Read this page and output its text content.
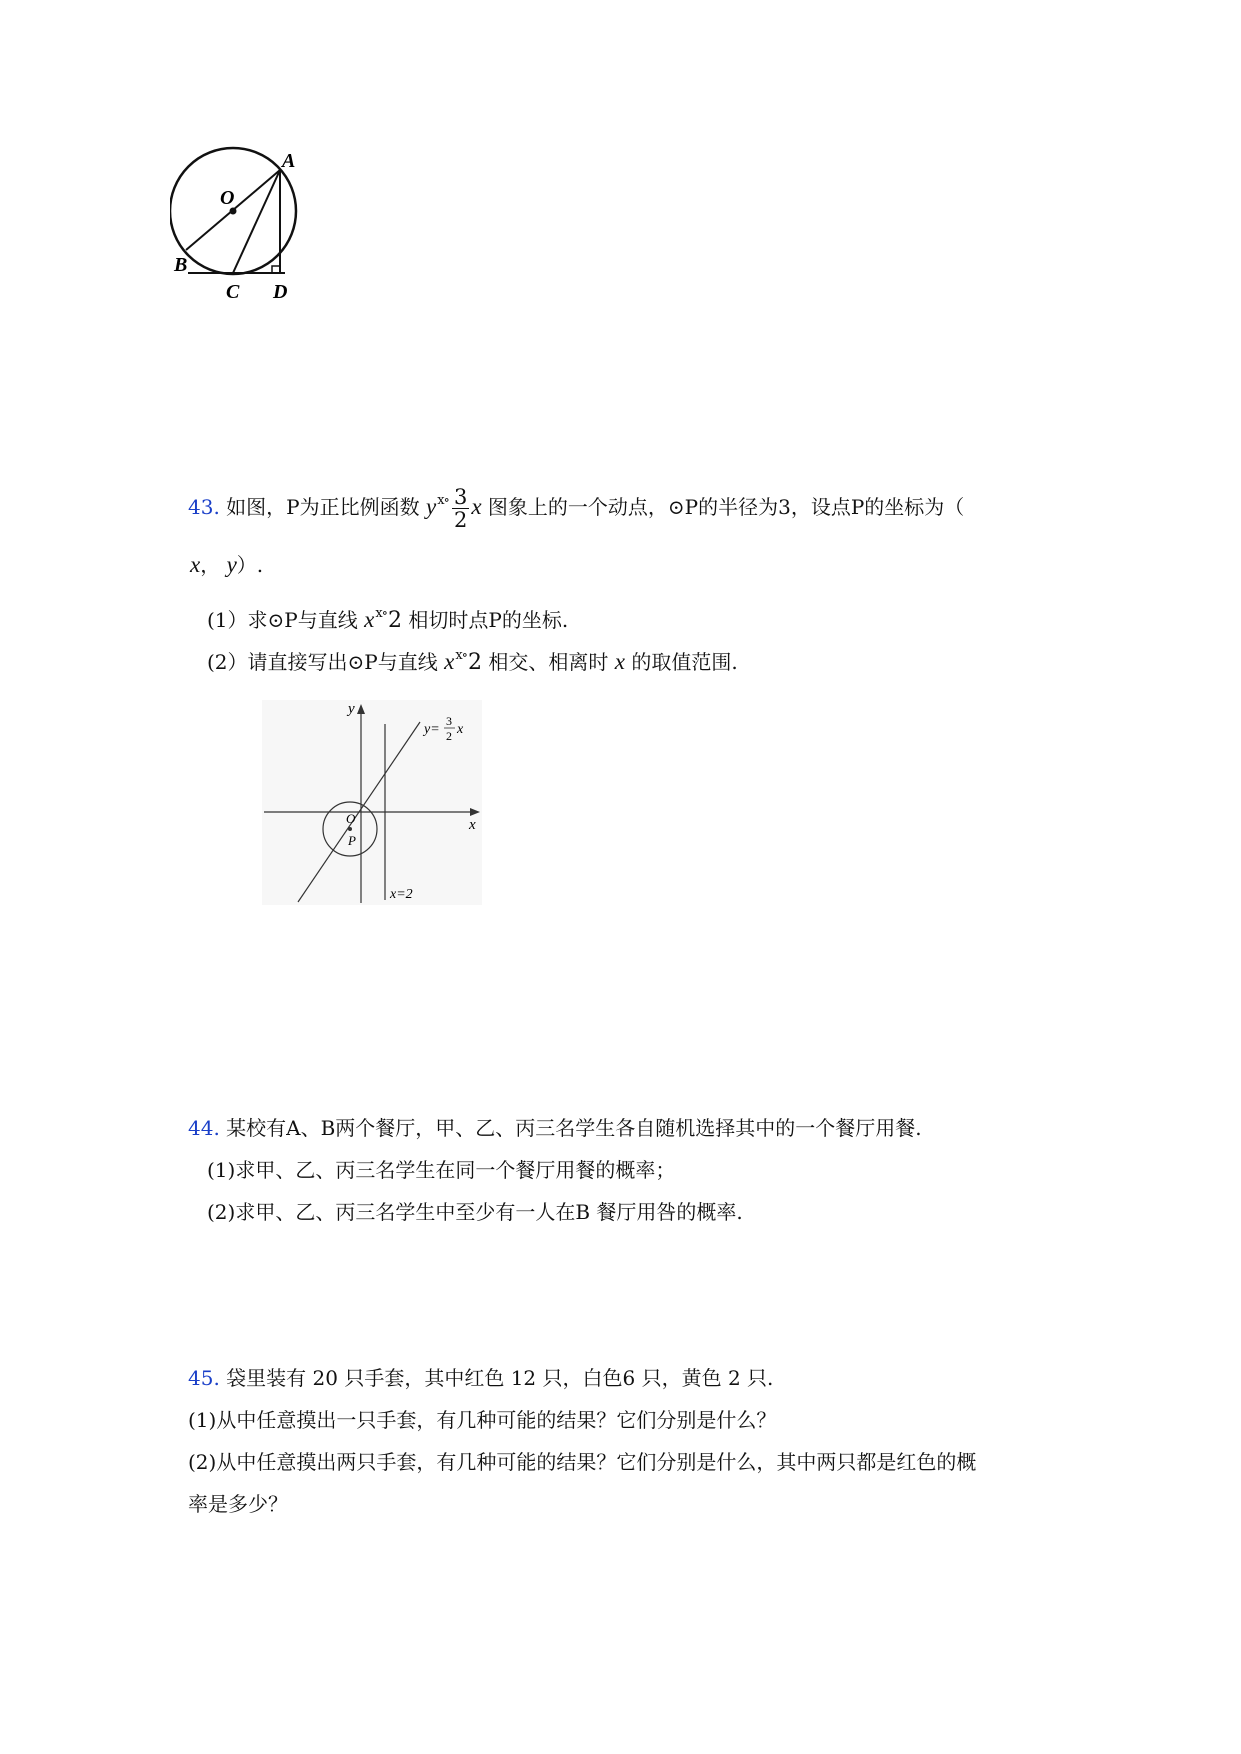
A
O
B
C D
43. 如图，P为正比例函数 $y^{ⅹ\circ} \frac{3}{2}$ x 图象上的一个动点，⊙P的半径为3，设点P的坐标为（
x， y）.
(1）求⊙P与直线 $x^{ⅹ\circ}2$ 相切时点P的坐标.
(2）请直接写出⊙P与直线 $x^{ⅹ\circ}2$ 相交、相离时 x 的取值范围.
y
x
O
P
y=
3
2 x
x=2
44. 某校有A、B两个餐厅，甲、乙、丙三名学生各自随机选择其中的一个餐厅用餐.
(1)求甲、乙、丙三名学生在同一个餐厅用餐的概率；
(2)求甲、乙、丙三名学生中至少有一人在B 餐厅用咎的概率.
45. 袋里装有 20 只手套，其中红色 12 只，白色6 只，黄色 2 只.
(1)从中任意摸出一只手套，有几种可能的结果？它们分别是什么？
(2)从中任意摸出两只手套，有几种可能的结果？它们分别是什么，其中两只都是红色的概
率是多少？
